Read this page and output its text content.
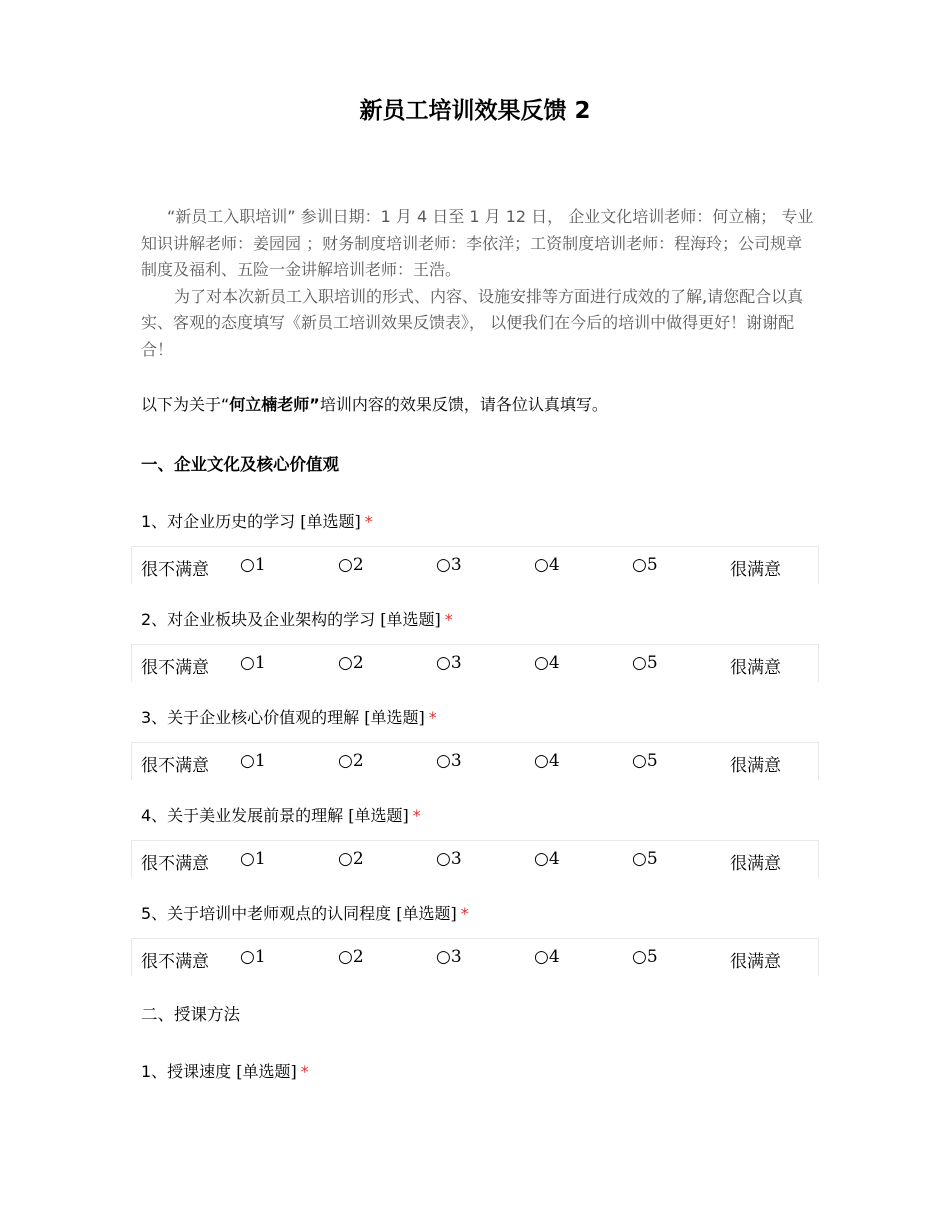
新员工培训效果反馈 2

“新员工入职培训” 参训日期：1 月 4 日至 1 月 12 日， 企业文化培训老师：何立楠； 专业知识讲解老师：姜园园 ；财务制度培训老师：李依洋；工资制度培训老师：程海玲；公司规章制度及福利、五险一金讲解培训老师：王浩。

为了对本次新员工入职培训的形式、内容、设施安排等方面进行成效的了解,请您配合以真实、客观的态度填写《新员工培训效果反馈表》， 以便我们在今后的培训中做得更好！谢谢配合！

以下为关于“何立楠老师”培训内容的效果反馈，请各位认真填写。
一、企业文化及核心价值观
1、对企业历史的学习 [单选题] *
很不满意 ○1	○2	○3	○4	○5	很满意
2、对企业板块及企业架构的学习 [单选题] *
很不满意 ○1	○2	○3	○4	○5	很满意
3、关于企业核心价值观的理解 [单选题] *
很不满意 ○1	○2	○3	○4	○5	很满意
4、关于美业发展前景的理解 [单选题] *
很不满意 ○1	○2	○3	○4	○5	很满意
5、关于培训中老师观点的认同程度 [单选题] *
很不满意 ○1	○2	○3	○4	○5	很满意
二、授课方法
1、授课速度 [单选题] *
